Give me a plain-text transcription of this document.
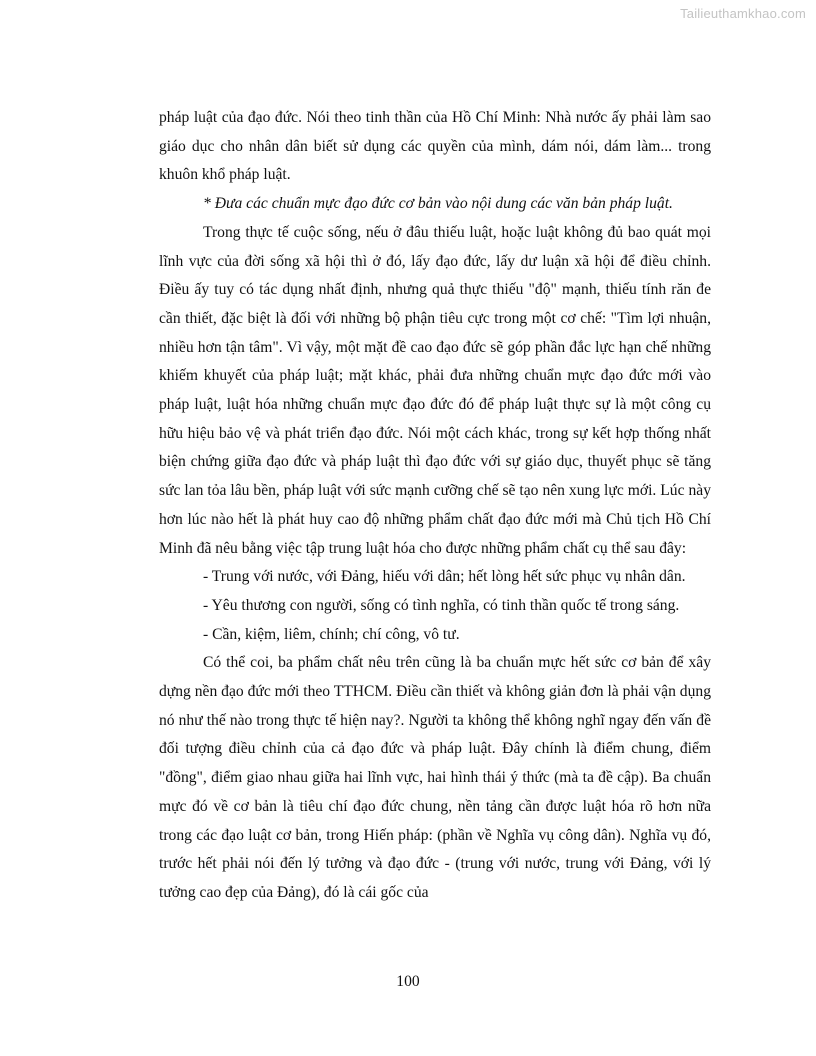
Tailieuthamkhao.com

pháp luật của đạo đức. Nói theo tinh thần của Hồ Chí Minh: Nhà nước ấy phải làm sao giáo dục cho nhân dân biết sử dụng các quyền của mình, dám nói, dám làm... trong khuôn khổ pháp luật.

* Đưa các chuẩn mực đạo đức cơ bản vào nội dung các văn bản pháp luật.

Trong thực tế cuộc sống, nếu ở đâu thiếu luật, hoặc luật không đủ bao quát mọi lĩnh vực của đời sống xã hội thì ở đó, lấy đạo đức, lấy dư luận xã hội để điều chỉnh. Điều ấy tuy có tác dụng nhất định, nhưng quả thực thiếu "độ" mạnh, thiếu tính răn đe cần thiết, đặc biệt là đối với những bộ phận tiêu cực trong một cơ chế: "Tìm lợi nhuận, nhiều hơn tận tâm". Vì vậy, một mặt đề cao đạo đức sẽ góp phần đắc lực hạn chế những khiếm khuyết của pháp luật; mặt khác, phải đưa những chuẩn mực đạo đức mới vào pháp luật, luật hóa những chuẩn mực đạo đức đó để pháp luật thực sự là một công cụ hữu hiệu bảo vệ và phát triển đạo đức. Nói một cách khác, trong sự kết hợp thống nhất biện chứng giữa đạo đức và pháp luật thì đạo đức với sự giáo dục, thuyết phục sẽ tăng sức lan tỏa lâu bền, pháp luật với sức mạnh cưỡng chế sẽ tạo nên xung lực mới. Lúc này hơn lúc nào hết là phát huy cao độ những phẩm chất đạo đức mới mà Chủ tịch Hồ Chí Minh đã nêu bằng việc tập trung luật hóa cho được những phẩm chất cụ thể sau đây:

- Trung với nước, với Đảng, hiếu với dân; hết lòng hết sức phục vụ nhân dân.

- Yêu thương con người, sống có tình nghĩa, có tinh thần quốc tế trong sáng.

- Cần, kiệm, liêm, chính; chí công, vô tư.

Có thể coi, ba phẩm chất nêu trên cũng là ba chuẩn mực hết sức cơ bản để xây dựng nền đạo đức mới theo TTHCM. Điều cần thiết và không giản đơn là phải vận dụng nó như thế nào trong thực tế hiện nay?. Người ta không thể không nghĩ ngay đến vấn đề đối tượng điều chỉnh của cả đạo đức và pháp luật. Đây chính là điểm chung, điểm "đồng", điểm giao nhau giữa hai lĩnh vực, hai hình thái ý thức (mà ta đề cập). Ba chuẩn mực đó về cơ bản là tiêu chí đạo đức chung, nền tảng cần được luật hóa rõ hơn nữa trong các đạo luật cơ bản, trong Hiến pháp: (phần về Nghĩa vụ công dân). Nghĩa vụ đó, trước hết phải nói đến lý tưởng và đạo đức - (trung với nước, trung với Đảng, với lý tưởng cao đẹp của Đảng), đó là cái gốc của

100
